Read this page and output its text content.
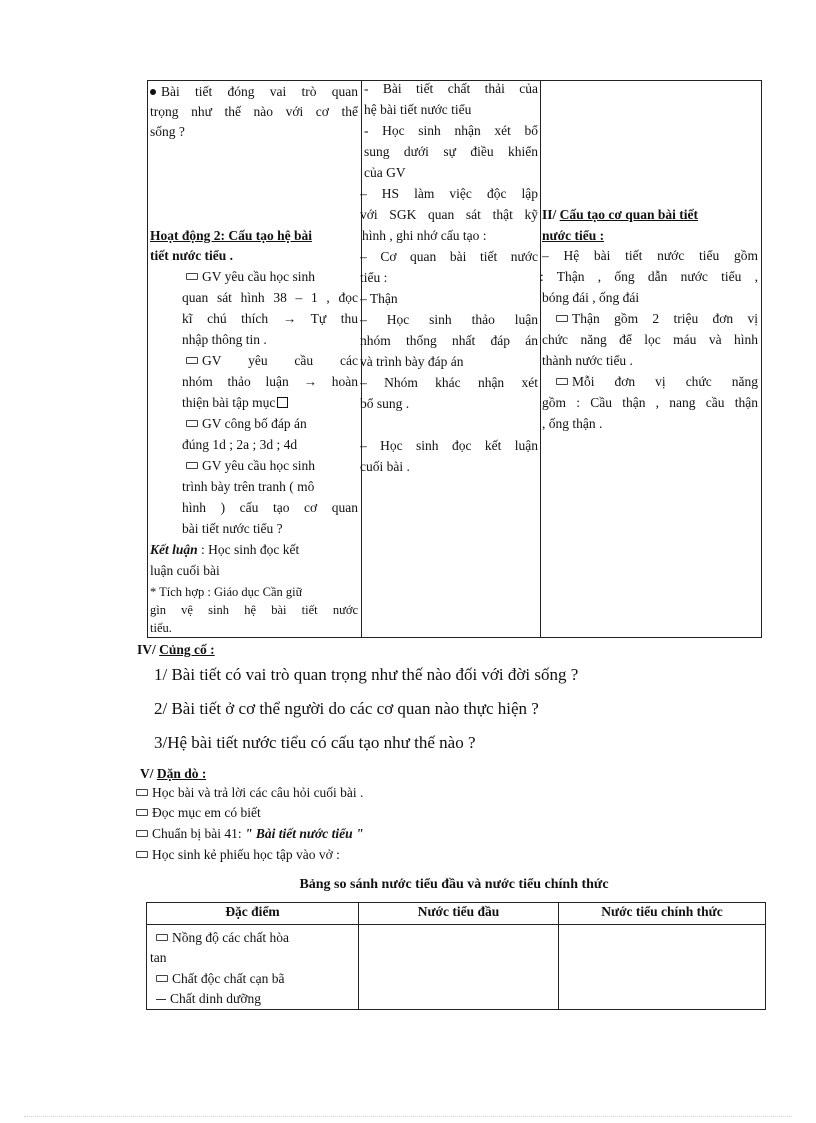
Bài tiết đóng vai trò quan
trọng như thế nào với cơ thể
sống ?
Hoạt động 2: Cấu tạo hệ bài
tiết nước tiểu .
GV yêu cầu học sinh
quan sát hình 38 – 1 , đọc
kĩ chú thích → Tự thu
nhập thông tin .
GV yêu cầu các
nhóm thảo luận → hoàn
thiện bài tập mục
GV công bố đáp án
đúng 1d ; 2a ; 3d ; 4d
GV yêu cầu học sinh
trình bày trên tranh ( mô
hình ) cấu tạo cơ quan
bài tiết nước tiểu ?
Kết luận : Học sinh đọc kết
luận cuối bài
* Tích hợp : Giáo dục Cần giữ
gìn vệ sinh hệ bài tiết nước
tiểu.
- Bài tiết chất thải của
hệ bài tiết nước tiểu
- Học sinh nhận xét bổ
sung dưới sự điều khiển
của GV
– HS làm việc độc lập
với SGK quan sát thật kỹ
hình , ghi nhớ cấu tạo :
– Cơ quan bài tiết nước
tiểu :
– Thận
– Học sinh thảo luận
nhóm thống nhất đáp án
và trình bày đáp án
– Nhóm khác nhận xét
bổ sung .
– Học sinh đọc kết luận
cuối bài .
II/ Cấu tạo cơ quan bài tiết
nước tiểu :
– Hệ bài tiết nước tiểu gồm
: Thận , ống dẫn nước tiểu ,
bóng đái , ống đái
Thận gồm 2 triệu đơn vị
chức năng để lọc máu và hình
thành nước tiểu .
Mỗi đơn vị chức năng
gồm : Cầu thận , nang cầu thận
, ống thận .
IV/ Củng cố :
1/ Bài tiết có vai trò quan trọng như thế nào đối với đời sống ?
2/ Bài tiết ở cơ thể người do các cơ quan nào thực hiện ?
3/Hệ bài tiết nước tiểu có cấu tạo như thế nào ?
V/ Dặn dò :
Học bài và trả lời các câu hỏi cuối bài .
Đọc mục em có biết
Chuẩn bị bài 41: " Bài tiết nước tiểu "
Học sinh kẻ phiếu học tập vào vở :
Bảng so sánh nước tiểu đầu và nước tiểu chính thức
Đặc điểm	Nước tiểu đầu	Nước tiểu chính thức
Nồng độ các chất hòa
tan
Chất độc chất cạn bã
Chất dinh dưỡng
